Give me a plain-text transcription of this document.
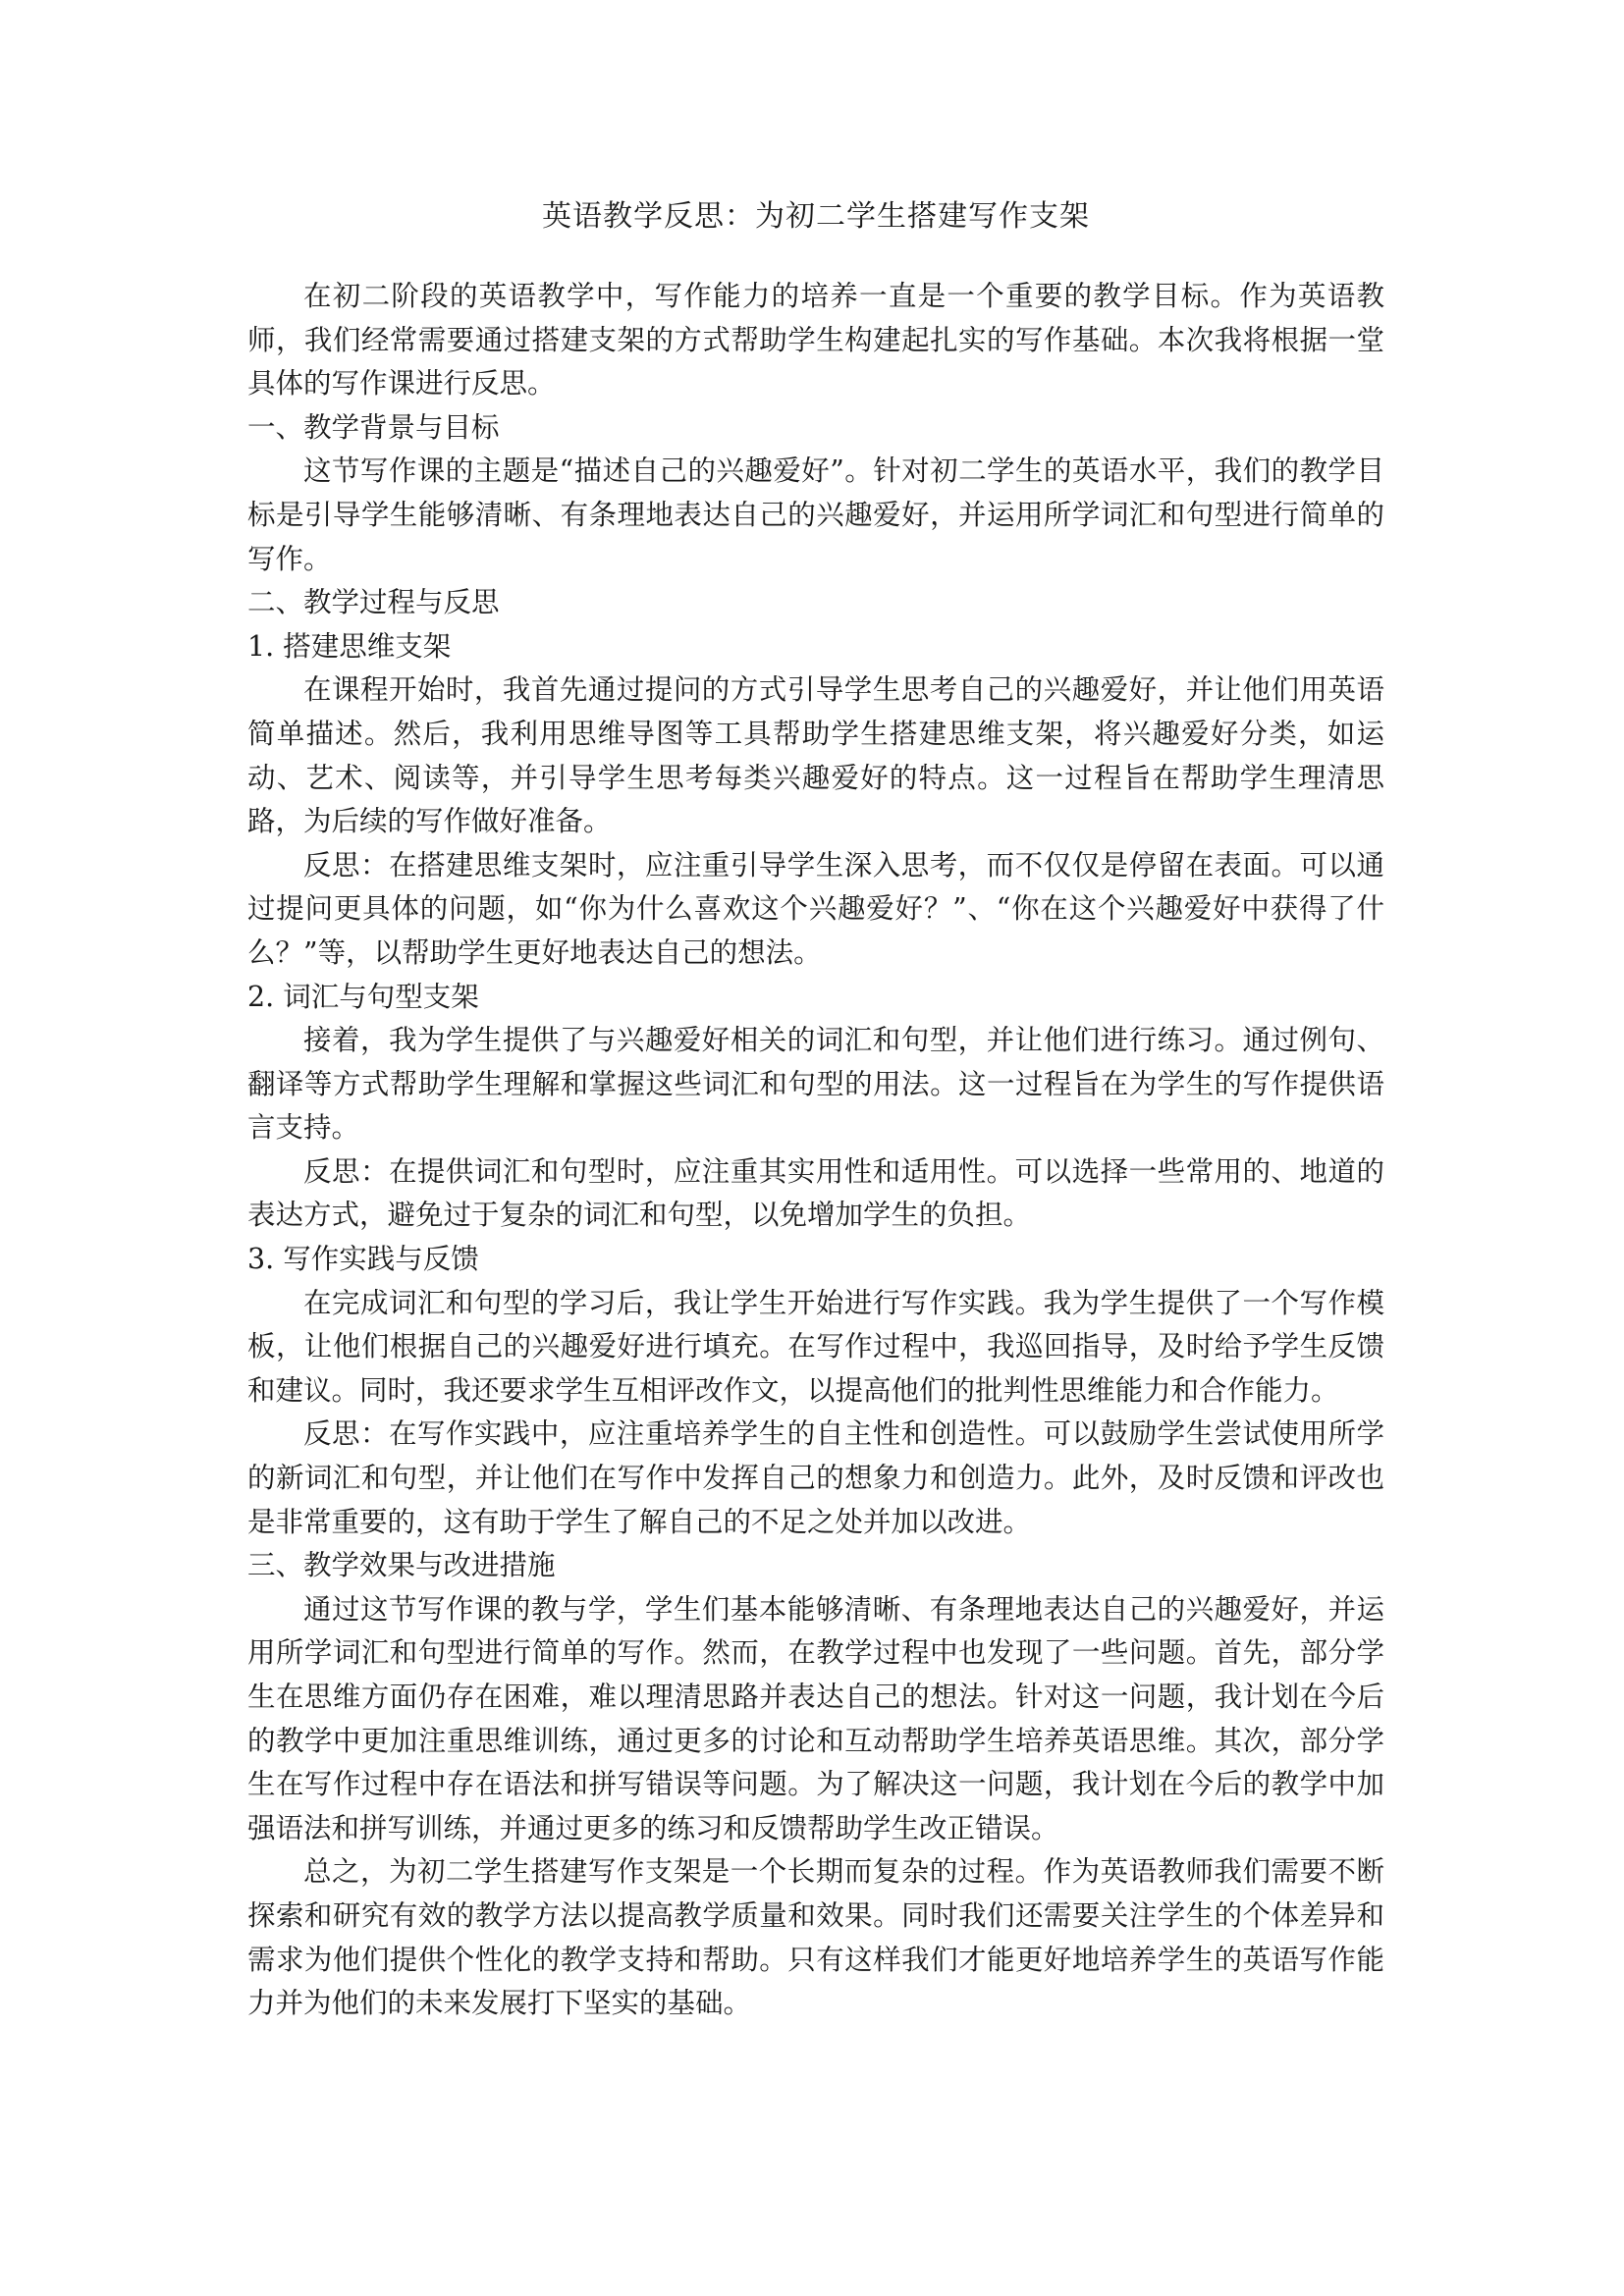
英语教学反思：为初二学生搭建写作支架

在初二阶段的英语教学中，写作能力的培养一直是一个重要的教学目标。作为英语教师，我们经常需要通过搭建支架的方式帮助学生构建起扎实的写作基础。本次我将根据一堂具体的写作课进行反思。

一、教学背景与目标

这节写作课的主题是“描述自己的兴趣爱好”。针对初二学生的英语水平，我们的教学目标是引导学生能够清晰、有条理地表达自己的兴趣爱好，并运用所学词汇和句型进行简单的写作。

二、教学过程与反思

1. 搭建思维支架

在课程开始时，我首先通过提问的方式引导学生思考自己的兴趣爱好，并让他们用英语简单描述。然后，我利用思维导图等工具帮助学生搭建思维支架，将兴趣爱好分类，如运动、艺术、阅读等，并引导学生思考每类兴趣爱好的特点。这一过程旨在帮助学生理清思路，为后续的写作做好准备。

反思：在搭建思维支架时，应注重引导学生深入思考，而不仅仅是停留在表面。可以通过提问更具体的问题，如“你为什么喜欢这个兴趣爱好？”、“你在这个兴趣爱好中获得了什么？”等，以帮助学生更好地表达自己的想法。

2. 词汇与句型支架

接着，我为学生提供了与兴趣爱好相关的词汇和句型，并让他们进行练习。通过例句、翻译等方式帮助学生理解和掌握这些词汇和句型的用法。这一过程旨在为学生的写作提供语言支持。

反思：在提供词汇和句型时，应注重其实用性和适用性。可以选择一些常用的、地道的表达方式，避免过于复杂的词汇和句型，以免增加学生的负担。

3. 写作实践与反馈

在完成词汇和句型的学习后，我让学生开始进行写作实践。我为学生提供了一个写作模板，让他们根据自己的兴趣爱好进行填充。在写作过程中，我巡回指导，及时给予学生反馈和建议。同时，我还要求学生互相评改作文，以提高他们的批判性思维能力和合作能力。

反思：在写作实践中，应注重培养学生的自主性和创造性。可以鼓励学生尝试使用所学的新词汇和句型，并让他们在写作中发挥自己的想象力和创造力。此外，及时反馈和评改也是非常重要的，这有助于学生了解自己的不足之处并加以改进。

三、教学效果与改进措施

通过这节写作课的教与学，学生们基本能够清晰、有条理地表达自己的兴趣爱好，并运用所学词汇和句型进行简单的写作。然而，在教学过程中也发现了一些问题。首先，部分学生在思维方面仍存在困难，难以理清思路并表达自己的想法。针对这一问题，我计划在今后的教学中更加注重思维训练，通过更多的讨论和互动帮助学生培养英语思维。其次，部分学生在写作过程中存在语法和拼写错误等问题。为了解决这一问题，我计划在今后的教学中加强语法和拼写训练，并通过更多的练习和反馈帮助学生改正错误。

总之，为初二学生搭建写作支架是一个长期而复杂的过程。作为英语教师我们需要不断探索和研究有效的教学方法以提高教学质量和效果。同时我们还需要关注学生的个体差异和需求为他们提供个性化的教学支持和帮助。只有这样我们才能更好地培养学生的英语写作能力并为他们的未来发展打下坚实的基础。
